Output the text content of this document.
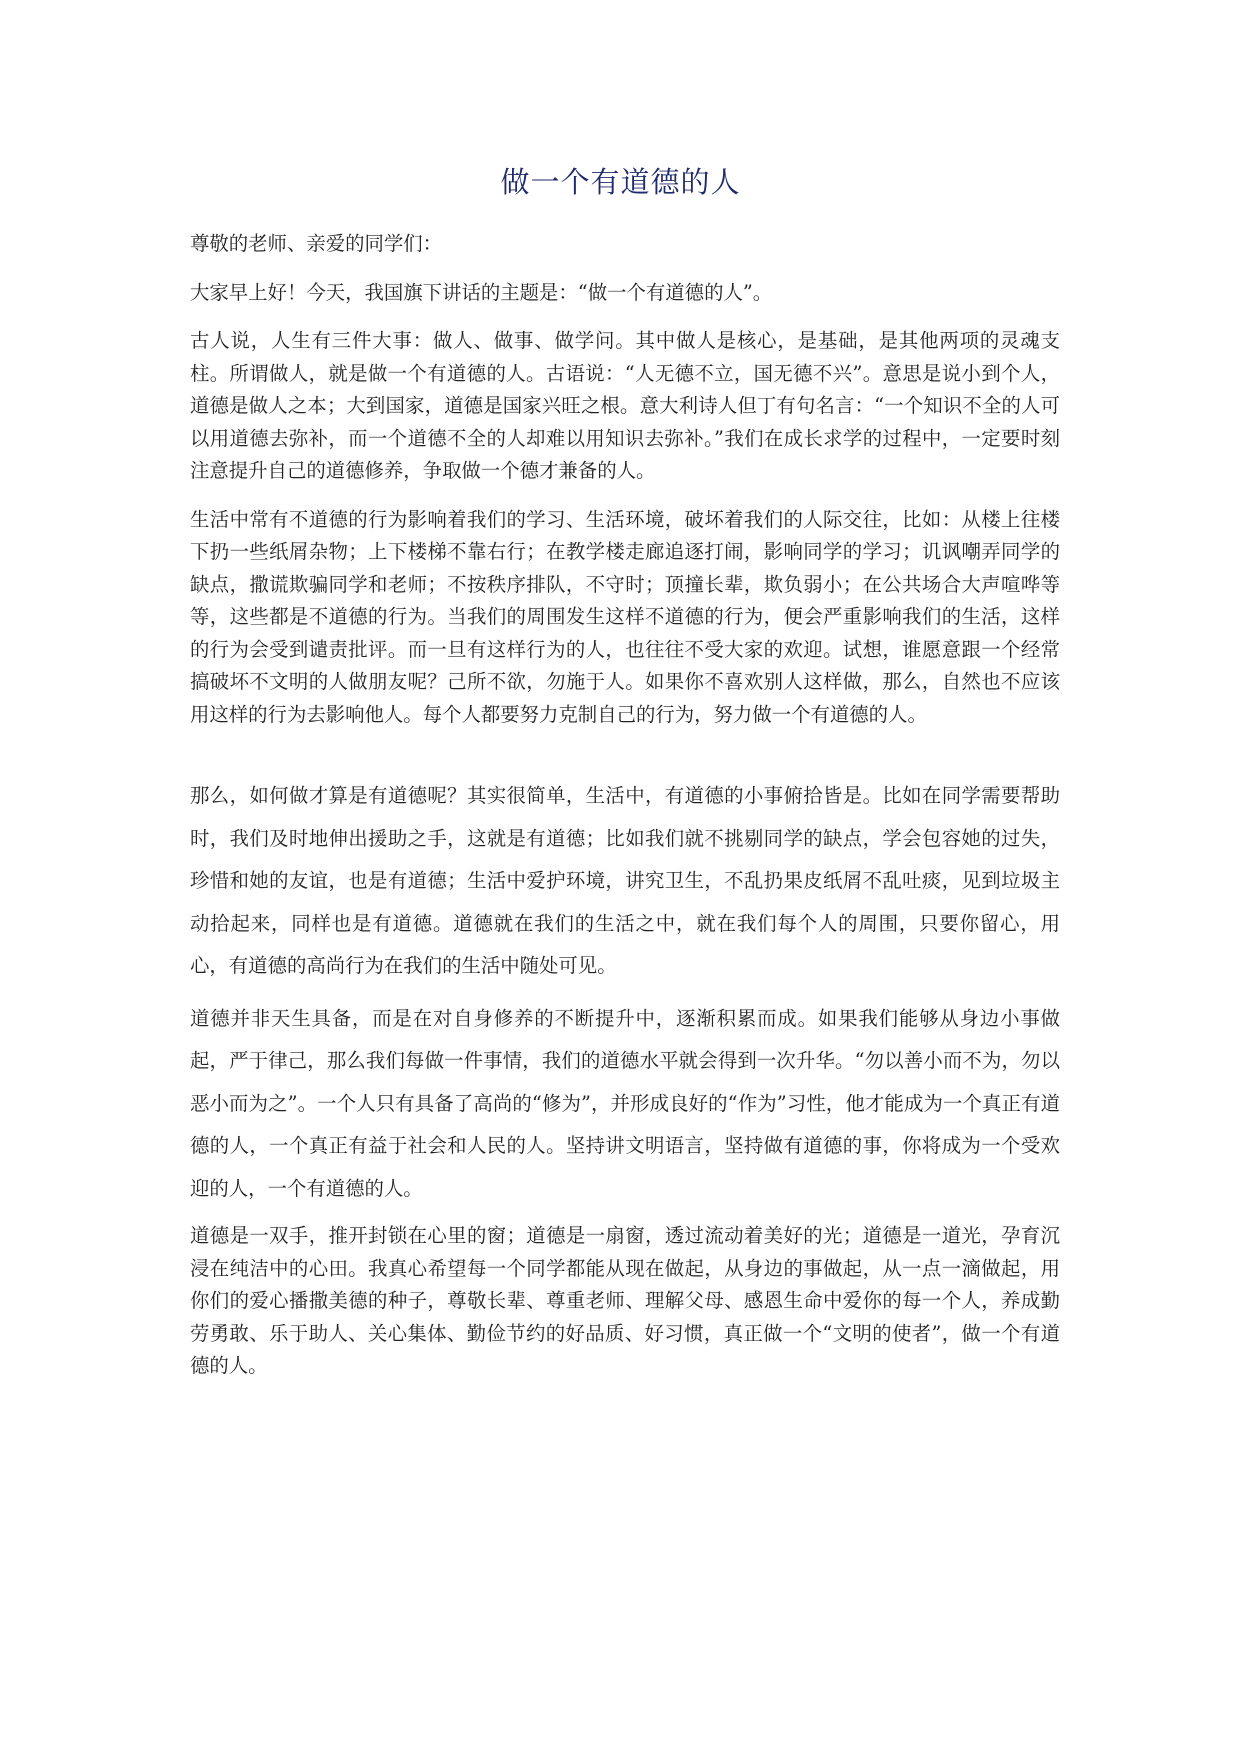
做一个有道德的人

尊敬的老师、亲爱的同学们：

大家早上好！今天，我国旗下讲话的主题是：“做一个有道德的人”。

古人说，人生有三件大事：做人、做事、做学问。其中做人是核心，是基础，是其他两项的灵魂支柱。所谓做人，就是做一个有道德的人。古语说：“人无德不立，国无德不兴”。意思是说小到个人，道德是做人之本；大到国家，道德是国家兴旺之根。意大利诗人但丁有句名言：“一个知识不全的人可以用道德去弥补，而一个道德不全的人却难以用知识去弥补。”我们在成长求学的过程中，一定要时刻注意提升自己的道德修养，争取做一个德才兼备的人。

生活中常有不道德的行为影响着我们的学习、生活环境，破坏着我们的人际交往，比如：从楼上往楼下扔一些纸屑杂物；上下楼梯不靠右行；在教学楼走廊追逐打闹，影响同学的学习；讥讽嘲弄同学的缺点，撒谎欺骗同学和老师；不按秩序排队，不守时；顶撞长辈，欺负弱小；在公共场合大声喧哗等等，这些都是不道德的行为。当我们的周围发生这样不道德的行为，便会严重影响我们的生活，这样的行为会受到谴责批评。而一旦有这样行为的人，也往往不受大家的欢迎。试想，谁愿意跟一个经常搞破坏不文明的人做朋友呢？己所不欲，勿施于人。如果你不喜欢别人这样做，那么，自然也不应该用这样的行为去影响他人。每个人都要努力克制自己的行为，努力做一个有道德的人。

那么，如何做才算是有道德呢？其实很简单，生活中，有道德的小事俯拾皆是。比如在同学需要帮助时，我们及时地伸出援助之手，这就是有道德；比如我们就不挑剔同学的缺点，学会包容她的过失，珍惜和她的友谊，也是有道德；生活中爱护环境，讲究卫生，不乱扔果皮纸屑不乱吐痰，见到垃圾主动拾起来，同样也是有道德。道德就在我们的生活之中，就在我们每个人的周围，只要你留心，用心，有道德的高尚行为在我们的生活中随处可见。

道德并非天生具备，而是在对自身修养的不断提升中，逐渐积累而成。如果我们能够从身边小事做起，严于律己，那么我们每做一件事情，我们的道德水平就会得到一次升华。“勿以善小而不为，勿以恶小而为之”。一个人只有具备了高尚的“修为”，并形成良好的“作为”习性，他才能成为一个真正有道德的人，一个真正有益于社会和人民的人。坚持讲文明语言，坚持做有道德的事，你将成为一个受欢迎的人，一个有道德的人。

道德是一双手，推开封锁在心里的窗；道德是一扇窗，透过流动着美好的光；道德是一道光，孕育沉浸在纯洁中的心田。我真心希望每一个同学都能从现在做起，从身边的事做起，从一点一滴做起，用你们的爱心播撒美德的种子，尊敬长辈、尊重老师、理解父母、感恩生命中爱你的每一个人，养成勤劳勇敢、乐于助人、关心集体、勤俭节约的好品质、好习惯，真正做一个“文明的使者”，做一个有道德的人。
